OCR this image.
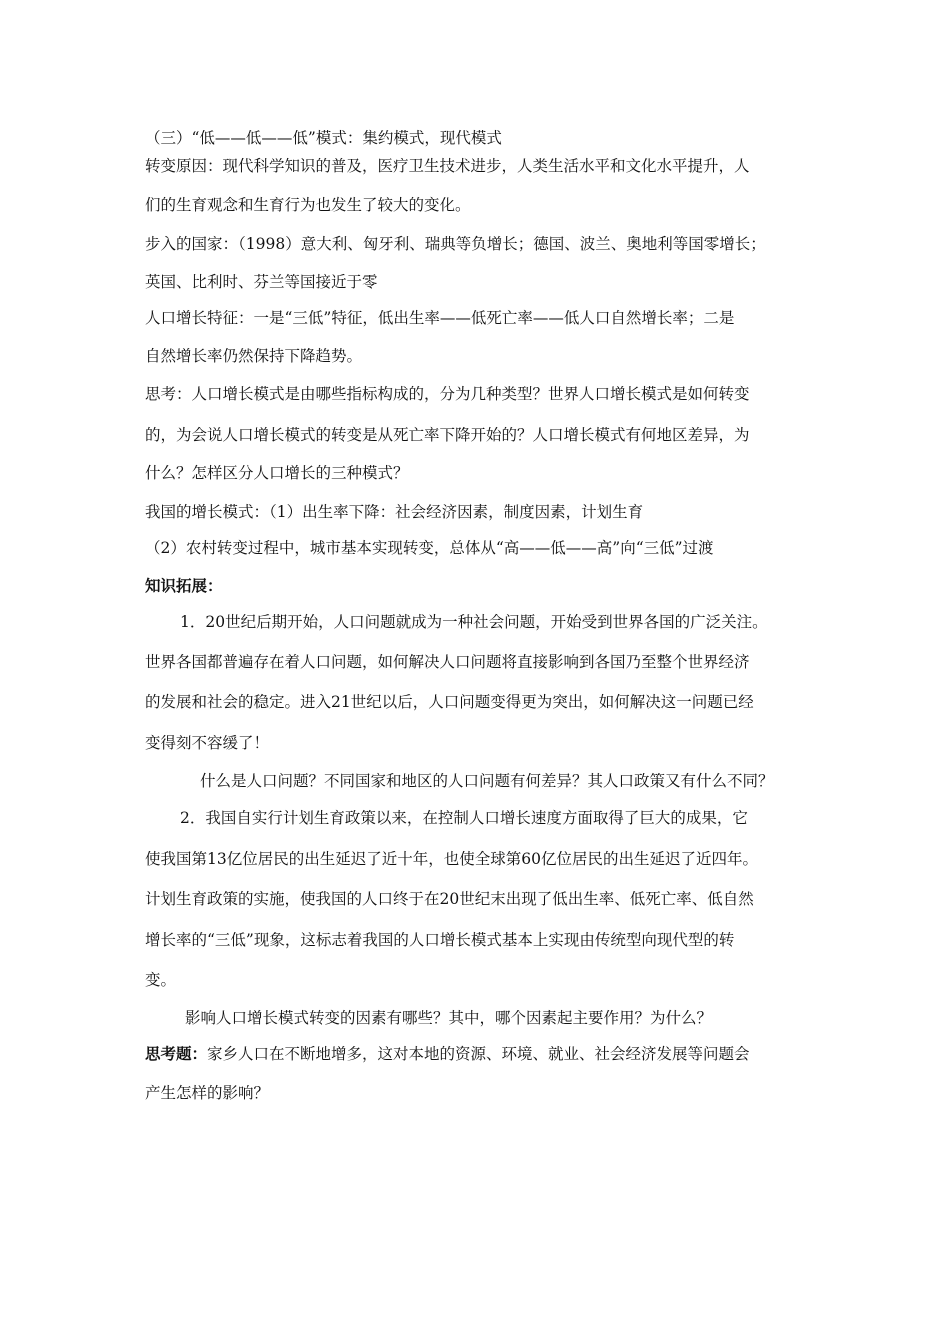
（三）“低——低——低”模式：集约模式，现代模式
转变原因：现代科学知识的普及，医疗卫生技术进步，人类生活水平和文化水平提升，人
们的生育观念和生育行为也发生了较大的变化。
步入的国家：（1998）意大利、匈牙利、瑞典等负增长；德国、波兰、奥地利等国零增长；
英国、比利时、芬兰等国接近于零
人口增长特征：一是“三低”特征，低出生率——低死亡率——低人口自然增长率；二是
自然增长率仍然保持下降趋势。
思考：人口增长模式是由哪些指标构成的，分为几种类型？世界人口增长模式是如何转变
的，为会说人口增长模式的转变是从死亡率下降开始的？人口增长模式有何地区差异，为
什么？怎样区分人口增长的三种模式？
我国的增长模式：（1）出生率下降：社会经济因素，制度因素，计划生育
（2）农村转变过程中，城市基本实现转变，总体从“高——低——高”向“三低”过渡
知识拓展：
1．20世纪后期开始，人口问题就成为一种社会问题，开始受到世界各国的广泛关注。
世界各国都普遍存在着人口问题，如何解决人口问题将直接影响到各国乃至整个世界经济
的发展和社会的稳定。进入21世纪以后，人口问题变得更为突出，如何解决这一问题已经
变得刻不容缓了！
什么是人口问题？不同国家和地区的人口问题有何差异？其人口政策又有什么不同？
2．我国自实行计划生育政策以来，在控制人口增长速度方面取得了巨大的成果，它
使我国第13亿位居民的出生延迟了近十年，也使全球第60亿位居民的出生延迟了近四年。
计划生育政策的实施，使我国的人口终于在20世纪末出现了低出生率、低死亡率、低自然
增长率的“三低”现象，这标志着我国的人口增长模式基本上实现由传统型向现代型的转
变。
影响人口增长模式转变的因素有哪些？其中，哪个因素起主要作用？为什么？
思考题：家乡人口在不断地增多，这对本地的资源、环境、就业、社会经济发展等问题会
产生怎样的影响？
